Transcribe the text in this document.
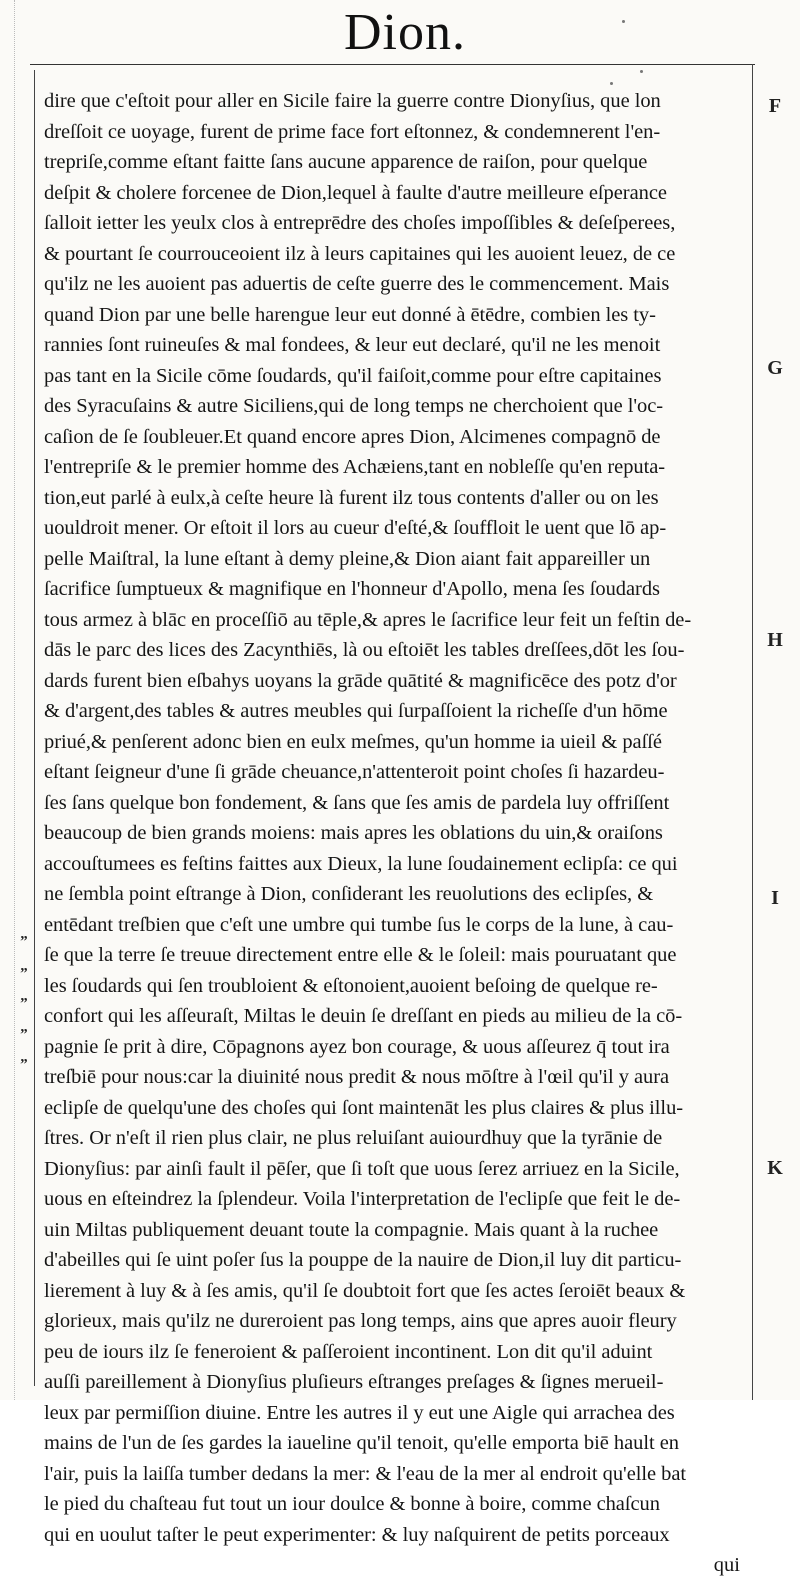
Dion.
dire que c'eſtoit pour aller en Sicile faire la guerre contre Dionyſius, que lon
dreſſoit ce uoyage, furent de prime face fort eſtonnez, & condemnerent l'en-
trepriſe,comme eſtant faitte ſans aucune apparence de raiſon, pour quelque
deſpit & cholere forcenee de Dion,lequel à faulte d'autre meilleure eſperance
ſalloit ietter les yeulx clos à entreprēdre des choſes impoſſibles & deſeſperees,
& pourtant ſe courrouceoient ilz à leurs capitaines qui les auoient leuez, de ce
qu'ilz ne les auoient pas aduertis de ceſte guerre des le commencement. Mais
quand Dion par une belle harengue leur eut donné à ētēdre, combien les ty-
rannies ſont ruineuſes & mal fondees, & leur eut declaré, qu'il ne les menoit
pas tant en la Sicile cōme ſoudards, qu'il faiſoit,comme pour eſtre capitaines
des Syracuſains & autre Siciliens,qui de long temps ne cherchoient que l'oc-
caſion de ſe ſoubleuer.Et quand encore apres Dion, Alcimenes compagnō de
l'entrepriſe & le premier homme des Achæiens,tant en nobleſſe qu'en reputa-
tion,eut parlé à eulx,à ceſte heure là furent ilz tous contents d'aller ou on les
uouldroit mener. Or eſtoit il lors au cueur d'eſté,& ſouffloit le uent que lō ap-
pelle Maiſtral, la lune eſtant à demy pleine,& Dion aiant fait appareiller un
ſacrifice ſumptueux & magnifique en l'honneur d'Apollo, mena ſes ſoudards
tous armez à blāc en proceſſiō au tēple,& apres le ſacrifice leur feit un feſtin de-
dās le parc des lices des Zacynthiēs, là ou eſtoiēt les tables dreſſees,dōt les ſou-
dards furent bien eſbahys uoyans la grāde quātité & magnificēce des potz d'or
& d'argent,des tables & autres meubles qui ſurpaſſoient la richeſſe d'un hōme
priué,& penſerent adonc bien en eulx meſmes, qu'un homme ia uieil & paſſé
eſtant ſeigneur d'une ſi grāde cheuance,n'attenteroit point choſes ſi hazardeu-
ſes ſans quelque bon fondement, & ſans que ſes amis de pardela luy offriſſent
beaucoup de bien grands moiens: mais apres les oblations du uin,& oraiſons
accouſtumees es feſtins faittes aux Dieux, la lune ſoudainement eclipſa: ce qui
ne ſembla point eſtrange à Dion, conſiderant les reuolutions des eclipſes, &
entēdant treſbien que c'eſt une umbre qui tumbe ſus le corps de la lune, à cau-
ſe que la terre ſe treuue directement entre elle & le ſoleil: mais pouruatant que
les ſoudards qui ſen troubloient & eſtonoient,auoient beſoing de quelque re-
confort qui les aſſeuraſt, Miltas le deuin ſe dreſſant en pieds au milieu de la cō-
pagnie ſe prit à dire, Cōpagnons ayez bon courage, & uous aſſeurez q̄ tout ira
treſbiē pour nous:car la diuinité nous predit & nous mōſtre à l'œil qu'il y aura
eclipſe de quelqu'une des choſes qui ſont maintenāt les plus claires & plus illu-
ſtres. Or n'eſt il rien plus clair, ne plus reluiſant auiourdhuy que la tyrānie de
Dionyſius: par ainſi fault il pēſer, que ſi toſt que uous ſerez arriuez en la Sicile,
uous en eſteindrez la ſplendeur. Voila l'interpretation de l'eclipſe que feit le de-
uin Miltas publiquement deuant toute la compagnie. Mais quant à la ruchee
d'abeilles qui ſe uint poſer ſus la pouppe de la nauire de Dion,il luy dit particu-
lierement à luy & à ſes amis, qu'il ſe doubtoit fort que ſes actes ſeroiēt beaux &
glorieux, mais qu'ilz ne dureroient pas long temps, ains que apres auoir fleury
peu de iours ilz ſe feneroient & paſſeroient incontinent. Lon dit qu'il aduint
auſſi pareillement à Dionyſius pluſieurs eſtranges preſages & ſignes merueil-
leux par permiſſion diuine. Entre les autres il y eut une Aigle qui arrachea des
mains de l'un de ſes gardes la iaueline qu'il tenoit, qu'elle emporta biē hault en
l'air, puis la laiſſa tumber dedans la mer: & l'eau de la mer al endroit qu'elle bat
le pied du chaſteau fut tout un iour doulce & bonne à boire, comme chaſcun
qui en uoulut taſter le peut experimenter: & luy naſquirent de petits porceaux
qui
F
G
H
I
K
„
„
„
„
„
